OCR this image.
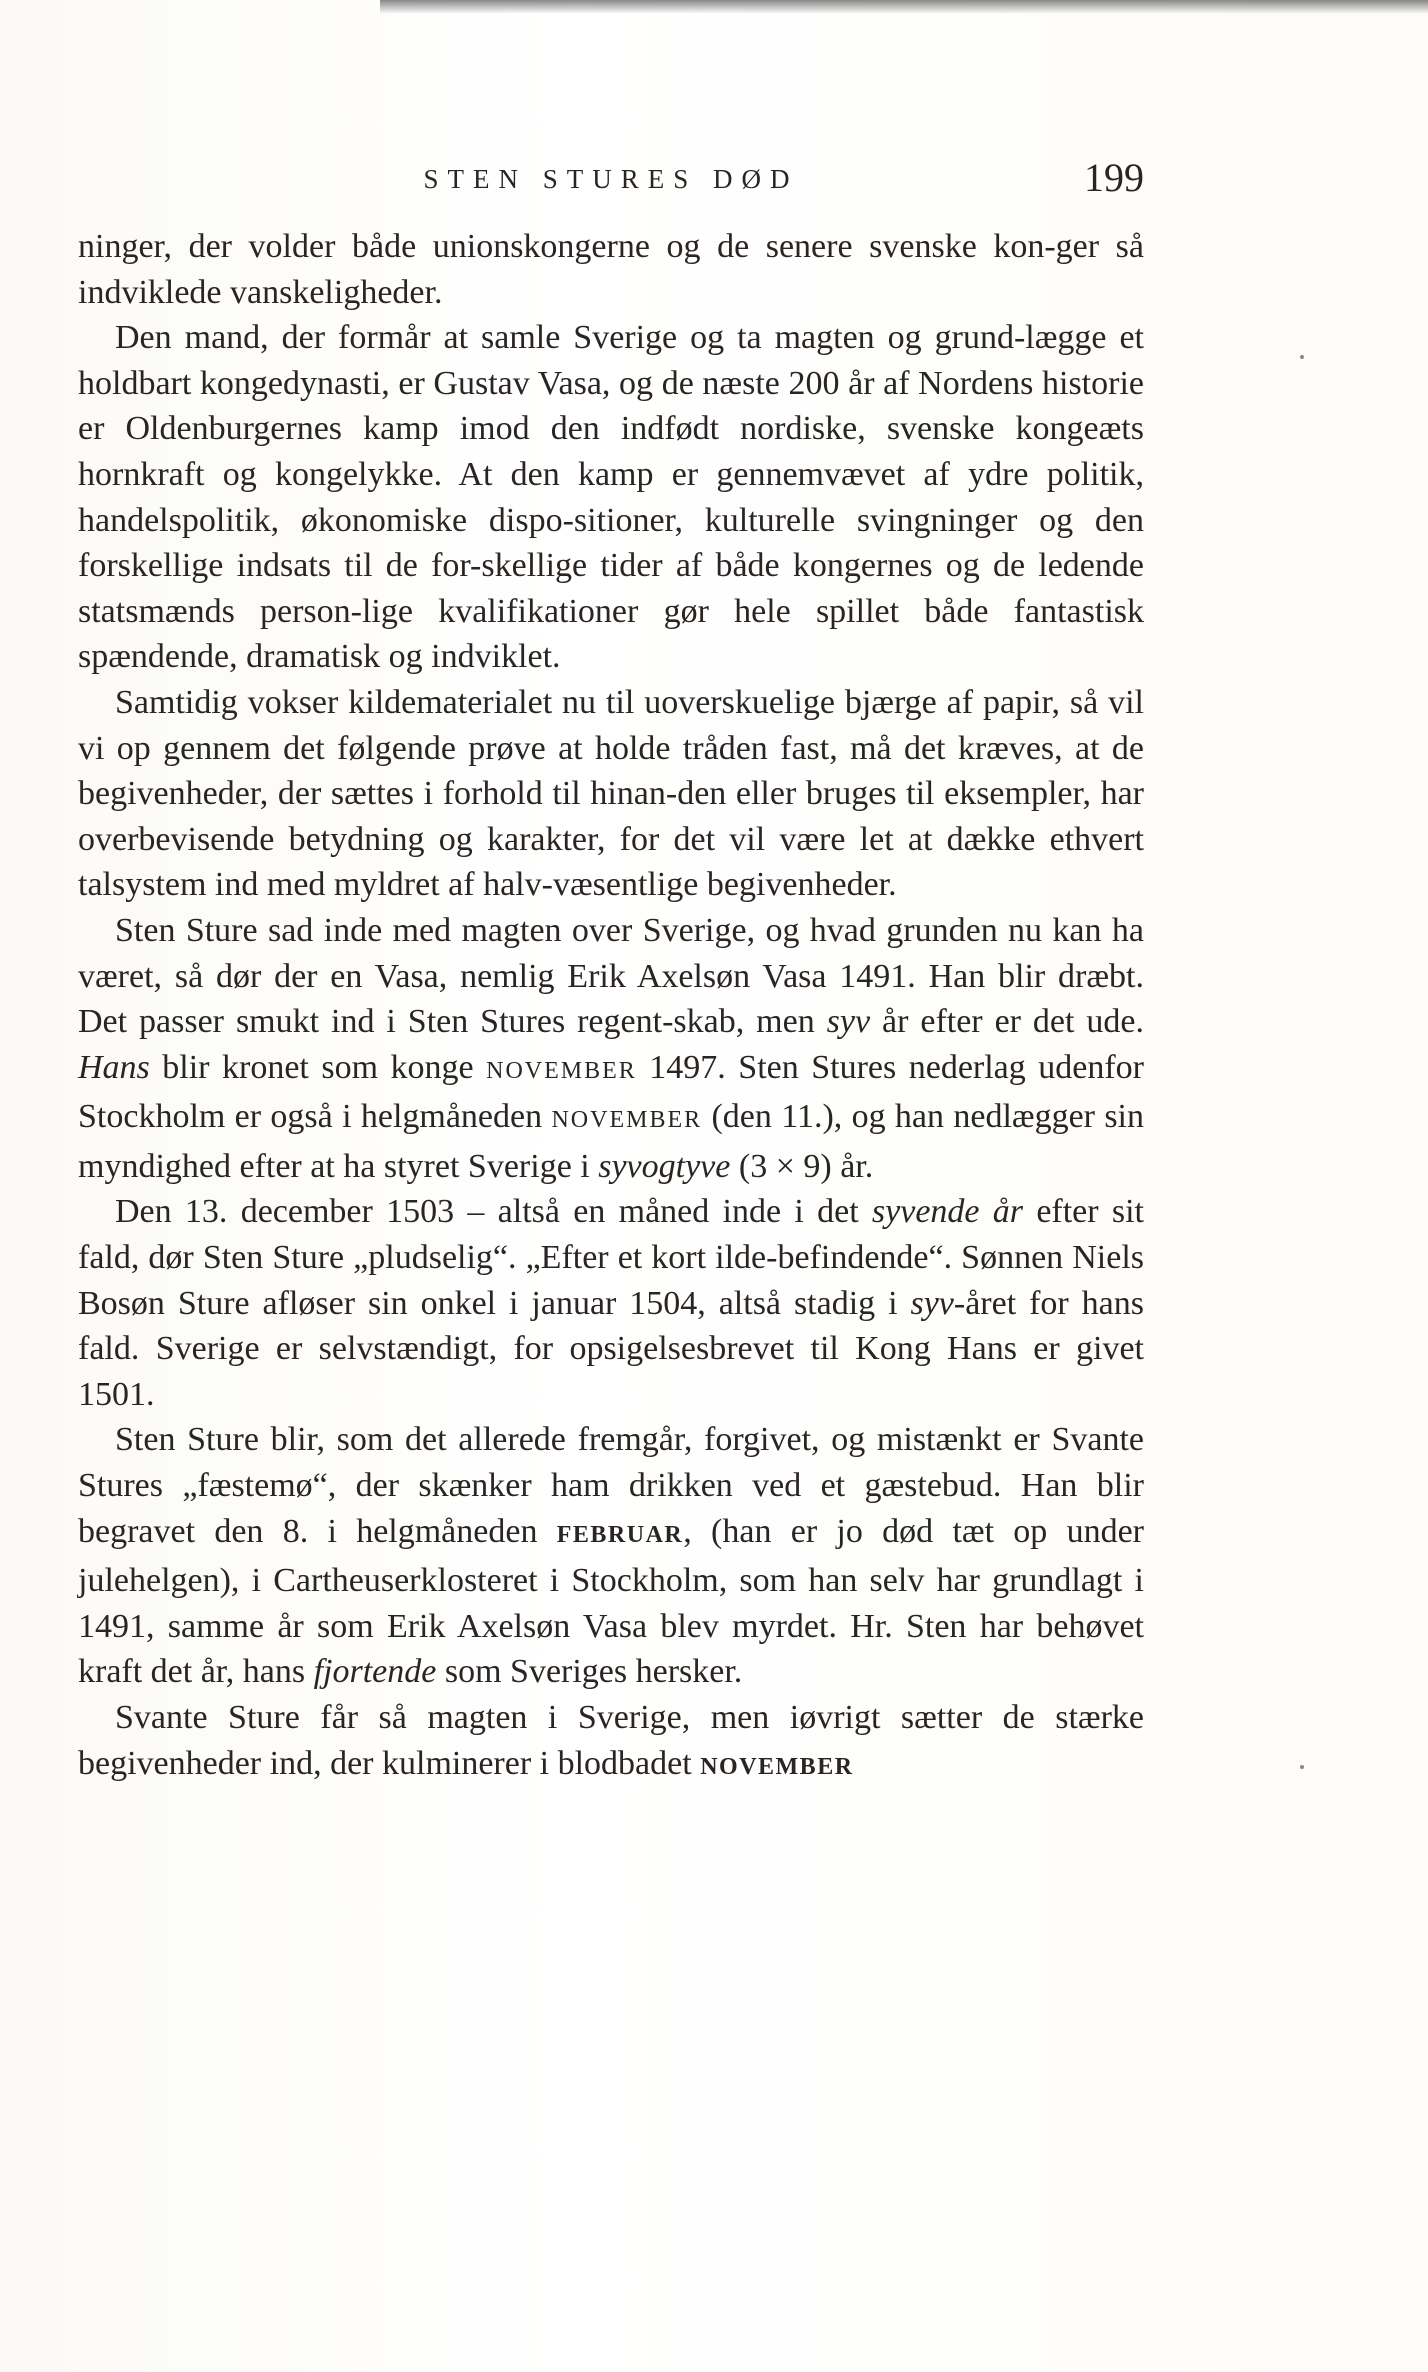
STEN STURES DØD	199
ninger, der volder både unionskongerne og de senere svenske kon-ger så indviklede vanskeligheder.
Den mand, der formår at samle Sverige og ta magten og grund-lægge et holdbart kongedynasti, er Gustav Vasa, og de næste 200 år af Nordens historie er Oldenburgernes kamp imod den indfødt nordiske, svenske kongeæts hornkraft og kongelykke. At den kamp er gennemvævet af ydre politik, handelspolitik, økonomiske dispo-sitioner, kulturelle svingninger og den forskellige indsats til de for-skellige tider af både kongernes og de ledende statsmænds person-lige kvalifikationer gør hele spillet både fantastisk spændende, dramatisk og indviklet.
Samtidig vokser kildematerialet nu til uoverskuelige bjærge af papir, så vil vi op gennem det følgende prøve at holde tråden fast, må det kræves, at de begivenheder, der sættes i forhold til hinan-den eller bruges til eksempler, har overbevisende betydning og karakter, for det vil være let at dække ethvert talsystem ind med myldret af halv-væsentlige begivenheder.
Sten Sture sad inde med magten over Sverige, og hvad grunden nu kan ha været, så dør der en Vasa, nemlig Erik Axelsøn Vasa 1491. Han blir dræbt. Det passer smukt ind i Sten Stures regent-skab, men syv år efter er det ude. Hans blir kronet som konge NOVEMBER 1497. Sten Stures nederlag udenfor Stockholm er også i helgmåneden NOVEMBER (den 11.), og han nedlægger sin myndighed efter at ha styret Sverige i syvogtyve (3 × 9) år.
Den 13. december 1503 – altså en måned inde i det syvende år efter sit fald, dør Sten Sture „pludselig“. „Efter et kort ilde-befindende“. Sønnen Niels Bosøn Sture afløser sin onkel i januar 1504, altså stadig i syv-året for hans fald. Sverige er selvstændigt, for opsigelsesbrevet til Kong Hans er givet 1501.
Sten Sture blir, som det allerede fremgår, forgivet, og mistænkt er Svante Stures „fæstemø“, der skænker ham drikken ved et gæstebud. Han blir begravet den 8. i helgmåneden FEBRUAR, (han er jo død tæt op under julehelgen), i Cartheuserklosteret i Stockholm, som han selv har grundlagt i 1491, samme år som Erik Axelsøn Vasa blev myrdet. Hr. Sten har behøvet kraft det år, hans fjortende som Sveriges hersker.
Svante Sture får så magten i Sverige, men iøvrigt sætter de stærke begivenheder ind, der kulminerer i blodbadet NOVEMBER
